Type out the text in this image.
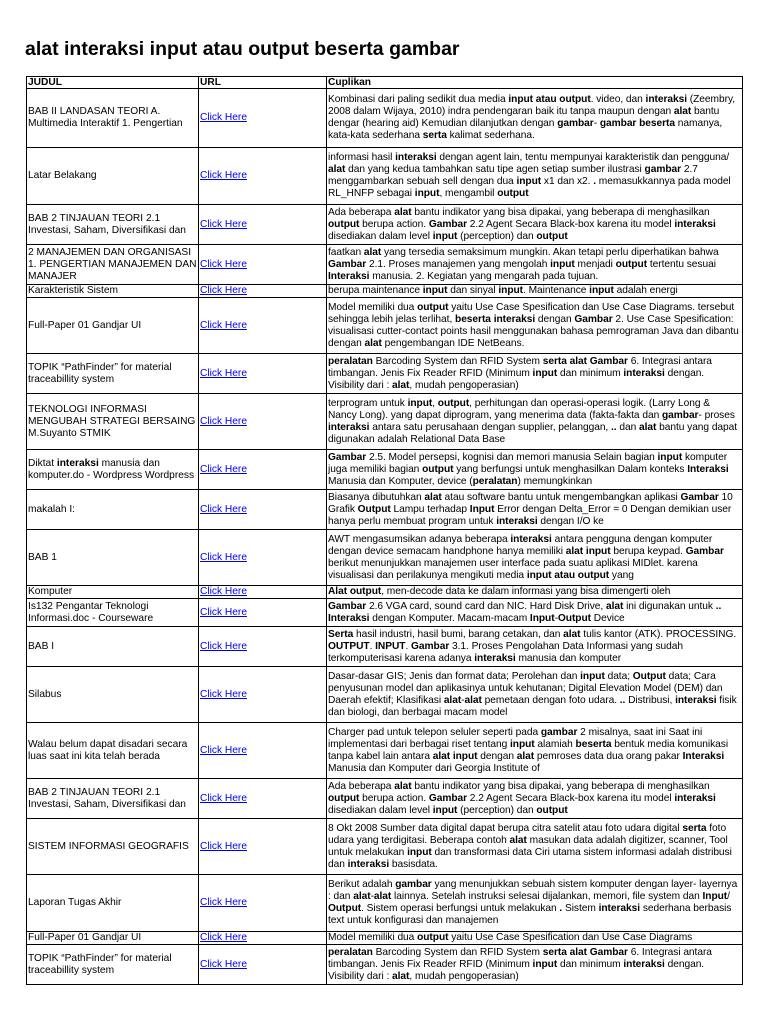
alat interaksi input atau output beserta gambar
JUDUL	URL	Cuplikan
BAB II LANDASAN TEORI A. Multimedia Interaktif 1. Pengertian	Click Here	Kombinasi dari paling sedikit dua media input atau output. video, dan interaksi (Zeembry, 2008 dalam Wijaya, 2010) indra pendengaran baik itu tanpa maupun dengan alat bantu dengar (hearing aid) Kemudian dilanjutkan dengan gambar- gambar beserta namanya, kata-kata sederhana serta kalimat sederhana.
Latar Belakang	Click Here	informasi hasil interaksi dengan agent lain, tentu mempunyai karakteristik dan pengguna/ alat dan yang kedua tambahkan satu tipe agen setiap sumber ilustrasi gambar 2.7 menggambarkan sebuah sell dengan dua input x1 dan x2. . memasukkannya pada model RL_HNFP sebagai input, mengambil output
BAB 2 TINJAUAN TEORI 2.1 Investasi, Saham, Diversifikasi dan	Click Here	Ada beberapa alat bantu indikator yang bisa dipakai, yang beberapa di menghasilkan output berupa action. Gambar 2.2 Agent Secara Black-box karena itu model interaksi disediakan dalam level input (perception) dan output
2 MANAJEMEN DAN ORGANISASI 1. PENGERTIAN MANAJEMEN DAN MANAJER	Click Here	faatkan alat yang tersedia semaksimum mungkin. Akan tetapi perlu diperhatikan bahwa Gambar 2.1. Proses manajemen yang mengolah input menjadi output tertentu sesuai Interaksi manusia. 2. Kegiatan yang mengarah pada tujuan.
Karakteristik Sistem	Click Here	berupa maintenance input dan sinyal input. Maintenance input adalah energi
Full-Paper 01 Gandjar UI	Click Here	Model memiliki dua output yaitu Use Case Spesification dan Use Case Diagrams. tersebut sehingga lebih jelas terlihat, beserta interaksi dengan Gambar 2. Use Case Spesification: visualisasi cutter-contact points hasil menggunakan bahasa pemrograman Java dan dibantu dengan alat pengembangan IDE NetBeans.
TOPIK “PathFinder” for material traceabillity system	Click Here	peralatan Barcoding System dan RFID System serta alat Gambar 6. Integrasi antara timbangan. Jenis Fix Reader RFID (Minimum input dan minimum interaksi dengan. Visibility dari : alat, mudah pengoperasian)
TEKNOLOGI INFORMASI MENGUBAH STRATEGI BERSAING M.Suyanto STMIK	Click Here	terprogram untuk input, output, perhitungan dan operasi-operasi logik. (Larry Long & Nancy Long). yang dapat diprogram, yang menerima data (fakta-fakta dan gambar- proses interaksi antara satu perusahaan dengan supplier, pelanggan, .. dan alat bantu yang dapat digunakan adalah Relational Data Base
Diktat interaksi manusia dan komputer.do - Wordpress Wordpress	Click Here	Gambar 2.5. Model persepsi, kognisi dan memori manusia Selain bagian input komputer juga memiliki bagian output yang berfungsi untuk menghasilkan Dalam konteks Interaksi Manusia dan Komputer, device (peralatan) memungkinkan
makalah I:	Click Here	Biasanya dibutuhkan alat atau software bantu untuk mengembangkan aplikasi Gambar 10 Grafik Output Lampu terhadap Input Error dengan Delta_Error = 0 Dengan demikian user hanya perlu membuat program untuk interaksi dengan I/O ke
BAB 1	Click Here	AWT mengasumsikan adanya beberapa interaksi antara pengguna dengan komputer dengan device semacam handphone hanya memiliki alat input berupa keypad. Gambar berikut menunjukkan manajemen user interface pada suatu aplikasi MIDlet. karena visualisasi dan perilakunya mengikuti media input atau output yang
Komputer	Click Here	Alat output, men-decode data ke dalam informasi yang bisa dimengerti oleh
Is132 Pengantar Teknologi Informasi.doc - Courseware	Click Here	Gambar 2.6 VGA card, sound card dan NIC. Hard Disk Drive, alat ini digunakan untuk .. Interaksi dengan Komputer. Macam-macam Input-Output Device
BAB I	Click Here	Serta hasil industri, hasil bumi, barang cetakan, dan alat tulis kantor (ATK). PROCESSING. OUTPUT. INPUT. Gambar 3.1. Proses Pengolahan Data Informasi yang sudah terkomputerisasi karena adanya interaksi manusia dan komputer
Silabus	Click Here	Dasar-dasar GIS; Jenis dan format data; Perolehan dan input data; Output data; Cara penyusunan model dan aplikasinya untuk kehutanan; Digital Elevation Model (DEM) dan Daerah efektif; Klasifikasi alat-alat pemetaan dengan foto udara. .. Distribusi, interaksi fisik dan biologi, dan berbagai macam model
Walau belum dapat disadari secara luas saat ini kita telah berada	Click Here	Charger pad untuk telepon seluler seperti pada gambar 2 misalnya, saat ini Saat ini implementasi dari berbagai riset tentang input alamiah beserta bentuk media komunikasi tanpa kabel lain antara alat input dengan alat pemroses data dua orang pakar Interaksi Manusia dan Komputer dari Georgia Institute of
BAB 2 TINJAUAN TEORI 2.1 Investasi, Saham, Diversifikasi dan	Click Here	Ada beberapa alat bantu indikator yang bisa dipakai, yang beberapa di menghasilkan output berupa action. Gambar 2.2 Agent Secara Black-box karena itu model interaksi disediakan dalam level input (perception) dan output
SISTEM INFORMASI GEOGRAFIS	Click Here	8 Okt 2008 Sumber data digital dapat berupa citra satelit atau foto udara digital serta foto udara yang terdigitasi. Beberapa contoh alat masukan data adalah digitizer, scanner, Tool untuk melakukan input dan transformasi data Ciri utama sistem informasi adalah distribusi dan interaksi basisdata.
Laporan Tugas Akhir	Click Here	Berikut adalah gambar yang menunjukkan sebuah sistem komputer dengan layer- layernya : dan alat-alat lainnya. Setelah instruksi selesai dijalankan, memori, file system dan Input/ Output. Sistem operasi berfungsi untuk melakukan . Sistem interaksi sederhana berbasis text untuk konfigurasi dan manajemen
Full-Paper 01 Gandjar UI	Click Here	Model memiliki dua output yaitu Use Case Spesification dan Use Case Diagrams
TOPIK “PathFinder” for material traceabillity system	Click Here	peralatan Barcoding System dan RFID System serta alat Gambar 6. Integrasi antara timbangan. Jenis Fix Reader RFID (Minimum input dan minimum interaksi dengan. Visibility dari : alat, mudah pengoperasian)
